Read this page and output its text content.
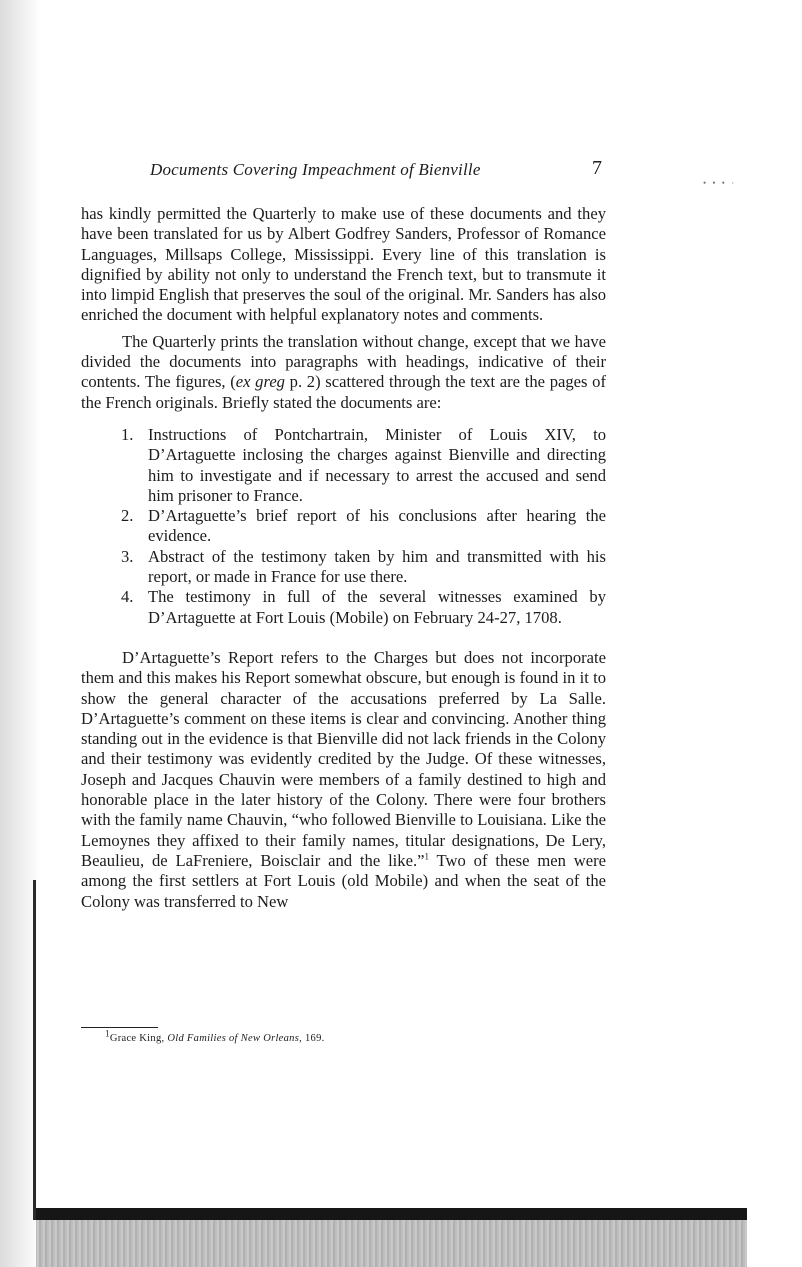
Documents Covering Impeachment of Bienville	7
• • • ·

has kindly permitted the Quarterly to make use of these documents and they have been translated for us by Albert Godfrey Sanders, Professor of Romance Languages, Millsaps College, Mississippi. Every line of this translation is dignified by ability not only to understand the French text, but to transmute it into limpid English that preserves the soul of the original. Mr. Sanders has also enriched the document with helpful explanatory notes and comments.

The Quarterly prints the translation without change, except that we have divided the documents into paragraphs with headings, indicative of their contents. The figures, (ex greg p. 2) scattered through the text are the pages of the French originals. Briefly stated the documents are:

1. Instructions of Pontchartrain, Minister of Louis XIV, to D’Artaguette inclosing the charges against Bienville and directing him to investigate and if necessary to arrest the accused and send him prisoner to France.
2. D’Artaguette’s brief report of his conclusions after hearing the evidence.
3. Abstract of the testimony taken by him and transmitted with his report, or made in France for use there.
4. The testimony in full of the several witnesses examined by D’Artaguette at Fort Louis (Mobile) on February 24-27, 1708.

D’Artaguette’s Report refers to the Charges but does not incorporate them and this makes his Report somewhat obscure, but enough is found in it to show the general character of the accusations preferred by La Salle. D’Artaguette’s comment on these items is clear and convincing. Another thing standing out in the evidence is that Bienville did not lack friends in the Colony and their testimony was evidently credited by the Judge. Of these witnesses, Joseph and Jacques Chauvin were members of a family destined to high and honorable place in the later history of the Colony. There were four brothers with the family name Chauvin, “who followed Bienville to Louisiana. Like the Lemoynes they affixed to their family names, titular designations, De Lery, Beaulieu, de LaFreniere, Boisclair and the like.”$^1$ Two of these men were among the first settlers at Fort Louis (old Mobile) and when the seat of the Colony was transferred to New

$^1$Grace King, Old Families of New Orleans, 169.
